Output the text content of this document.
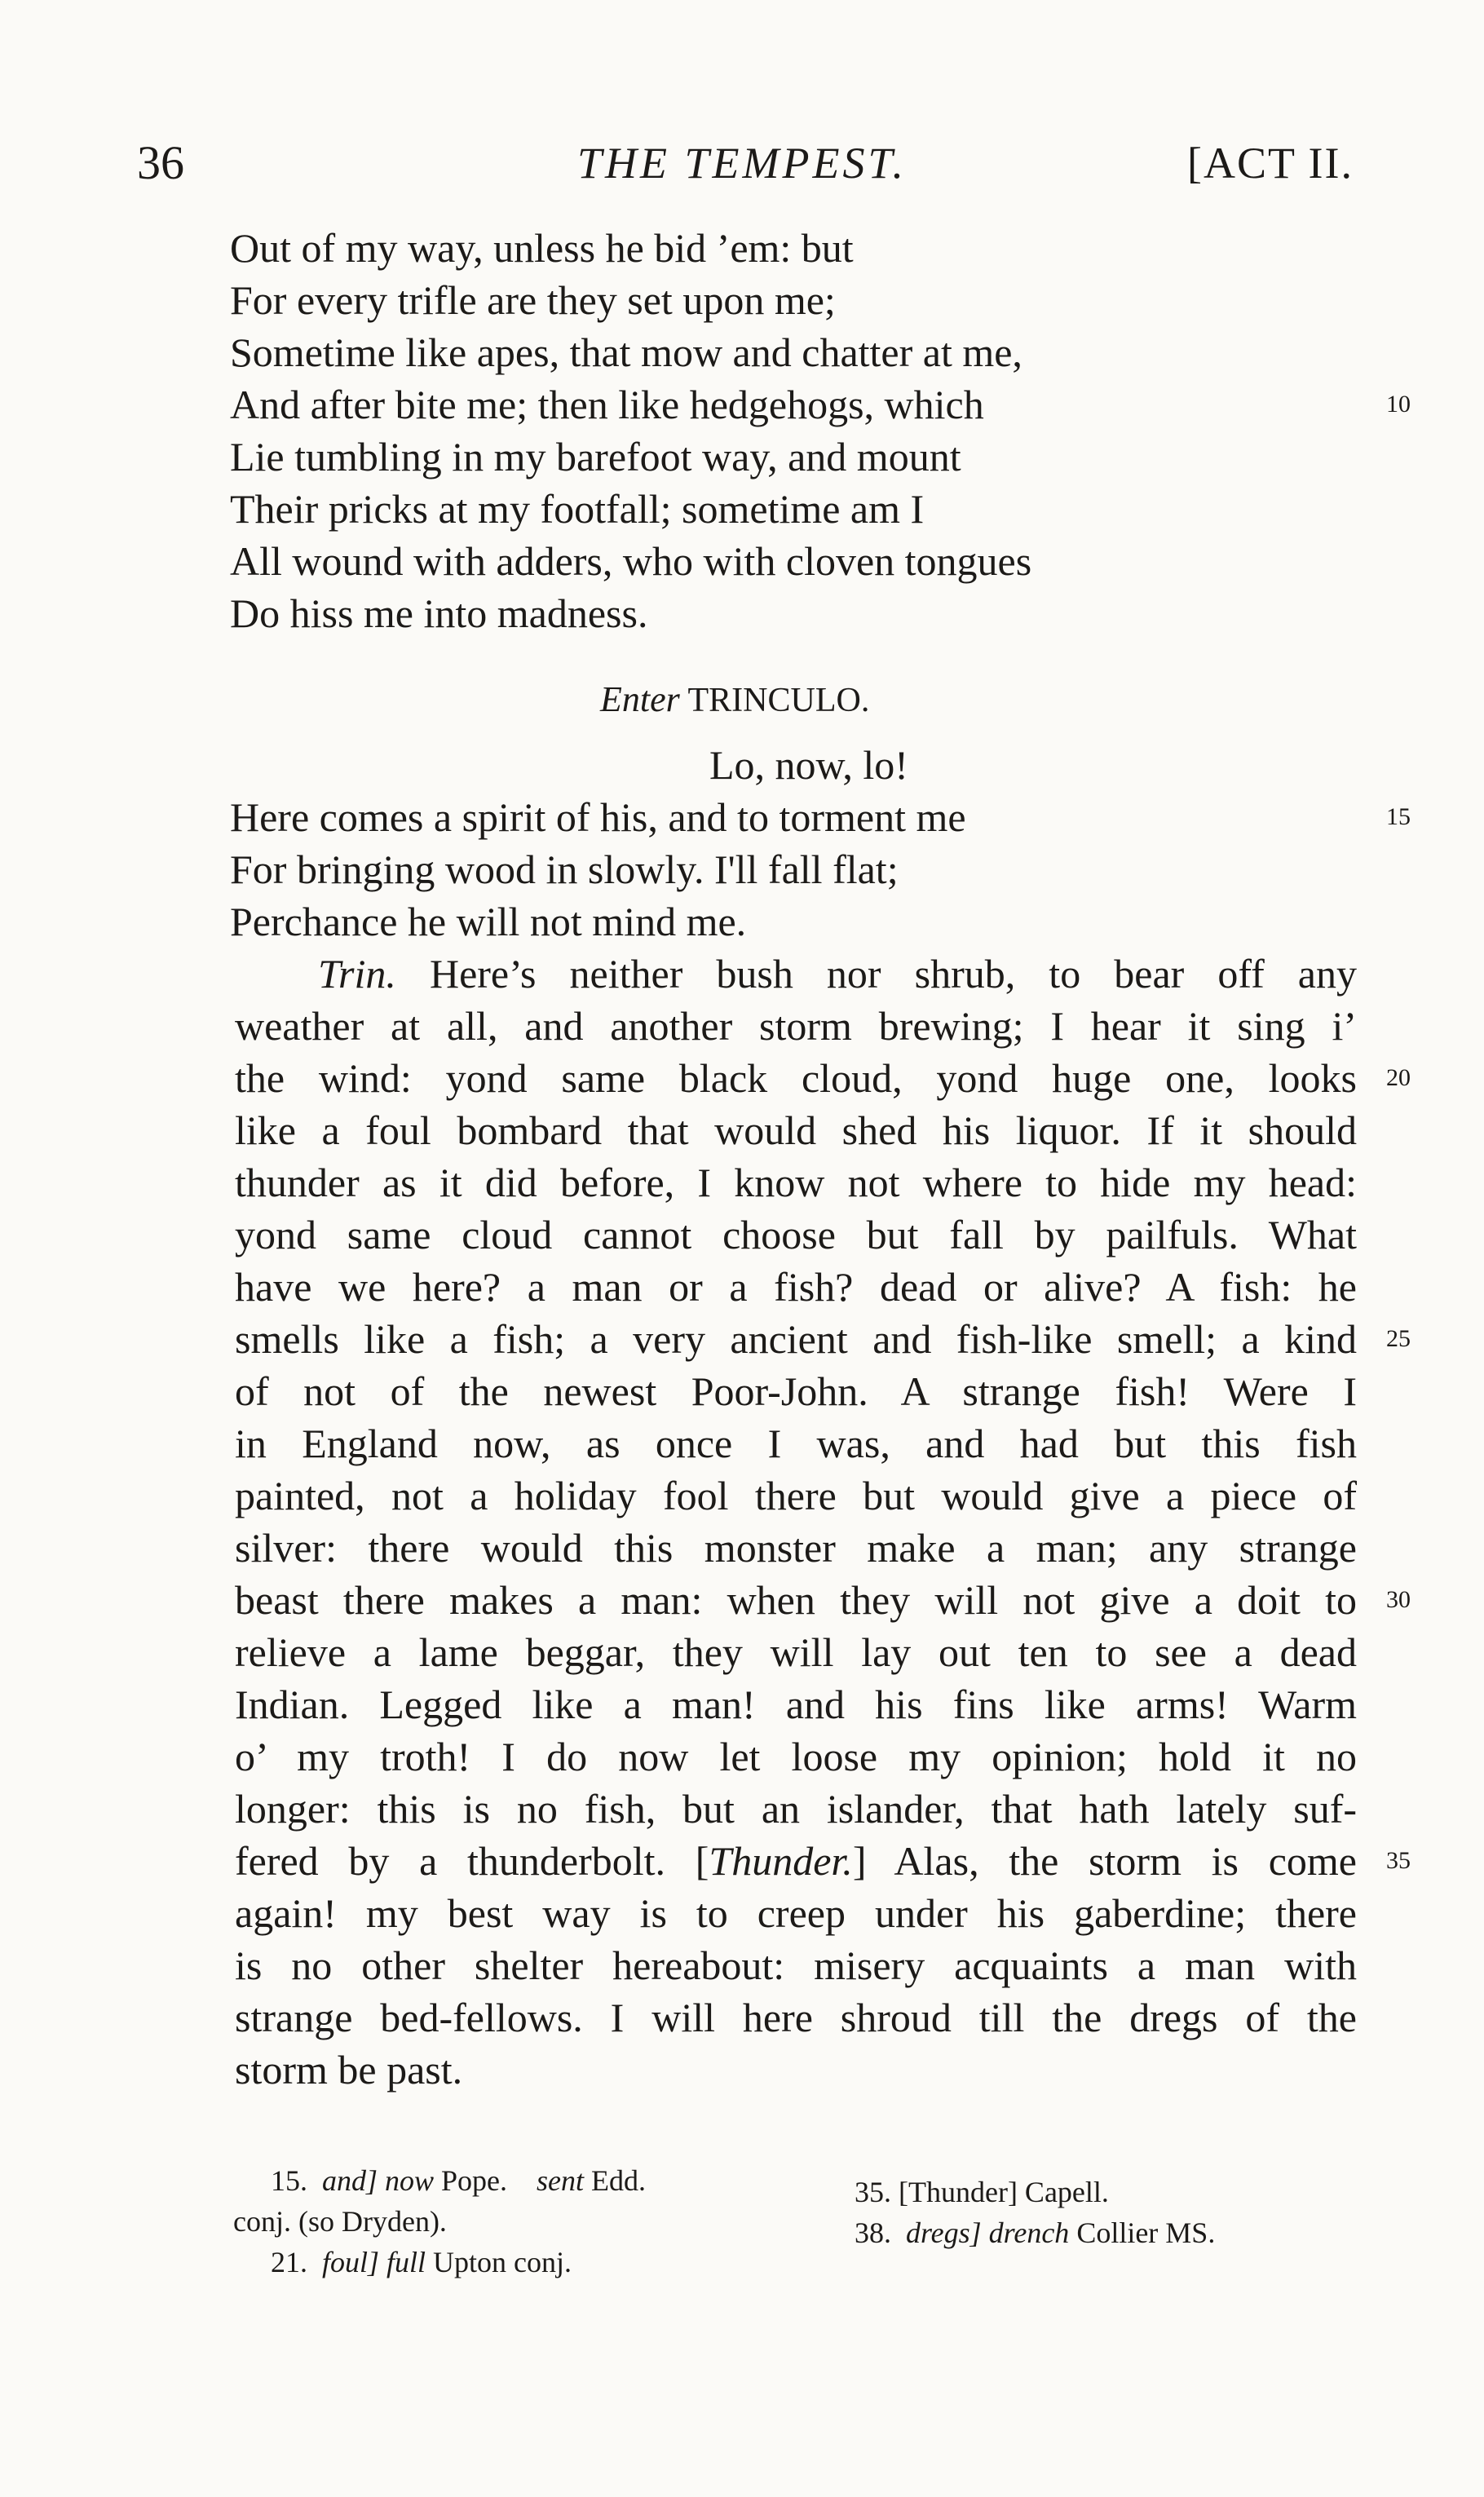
36	THE TEMPEST.	[ACT II.
Out of my way, unless he bid ’em: but
For every trifle are they set upon me;
Sometime like apes, that mow and chatter at me,
And after bite me; then like hedgehogs, which
Lie tumbling in my barefoot way, and mount
Their pricks at my footfall; sometime am I
All wound with adders, who with cloven tongues
Do hiss me into madness.
Enter TRINCULO.
Lo, now, lo!
Here comes a spirit of his, and to torment me
For bringing wood in slowly. I'll fall flat;
Perchance he will not mind me.
Trin. Here’s neither bush nor shrub, to bear off any
weather at all, and another storm brewing; I hear it sing i’
the wind: yond same black cloud, yond huge one, looks
like a foul bombard that would shed his liquor. If it should
thunder as it did before, I know not where to hide my head:
yond same cloud cannot choose but fall by pailfuls. What
have we here? a man or a fish? dead or alive? A fish: he
smells like a fish; a very ancient and fish-like smell; a kind
of not of the newest Poor-John. A strange fish! Were I
in England now, as once I was, and had but this fish
painted, not a holiday fool there but would give a piece of
silver: there would this monster make a man; any strange
beast there makes a man: when they will not give a doit to
relieve a lame beggar, they will lay out ten to see a dead
Indian. Legged like a man! and his fins like arms! Warm
o’ my troth! I do now let loose my opinion; hold it no
longer: this is no fish, but an islander, that hath lately suf-
fered by a thunderbolt. [Thunder.] Alas, the storm is come
again! my best way is to creep under his gaberdine; there
is no other shelter hereabout: misery acquaints a man with
strange bed-fellows. I will here shroud till the dregs of the
storm be past.
10
15
20
25
30
35
15. and] now Pope. sent Edd.
conj. (so Dryden).
21. foul] full Upton conj.
35. [Thunder] Capell.
38. dregs] drench Collier MS.
